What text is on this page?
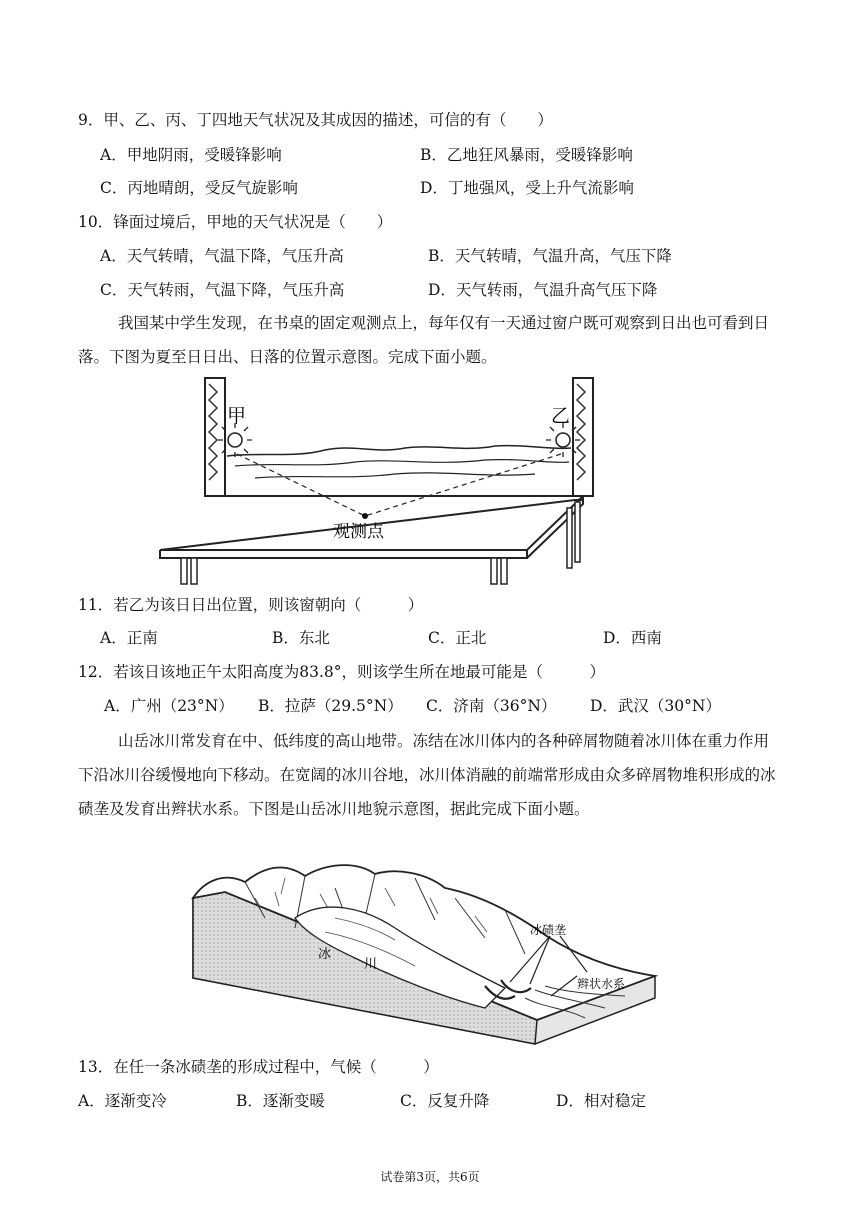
9．甲、乙、丙、丁四地天气状况及其成因的描述，可信的有（　　）
A．甲地阴雨，受暖锋影响	B．乙地狂风暴雨，受暖锋影响
C．丙地晴朗，受反气旋影响	D．丁地强风，受上升气流影响
10．锋面过境后，甲地的天气状况是（　　）
A．天气转晴，气温下降，气压升高	B．天气转晴，气温升高，气压下降
C．天气转雨，气温下降，气压升高	D．天气转雨，气温升高气压下降
我国某中学生发现，在书桌的固定观测点上，每年仅有一天通过窗户既可观察到日出也可看到日落。下图为夏至日日出、日落的位置示意图。完成下面小题。
甲	乙
观测点
11．若乙为该日日出位置，则该窗朝向（　　　）
A．正南	B．东北	C．正北	D．西南
12．若该日该地正午太阳高度为83.8°，则该学生所在地最可能是（　　　）
A．广州（23°N） B．拉萨（29.5°N） C．济南（36°N） D．武汉（30°N）
山岳冰川常发育在中、低纬度的高山地带。冻结在冰川体内的各种碎屑物随着冰川体在重力作用下沿冰川谷缓慢地向下移动。在宽阔的冰川谷地，冰川体消融的前端常形成由众多碎屑物堆积形成的冰碛垄及发育出辫状水系。下图是山岳冰川地貌示意图，据此完成下面小题。
冰
川
冰碛垄
辫状水系
13．在任一条冰碛垄的形成过程中，气候（　　　）
A．逐渐变冷	B．逐渐变暖	C．反复升降	D．相对稳定
试卷第3页，共6页
